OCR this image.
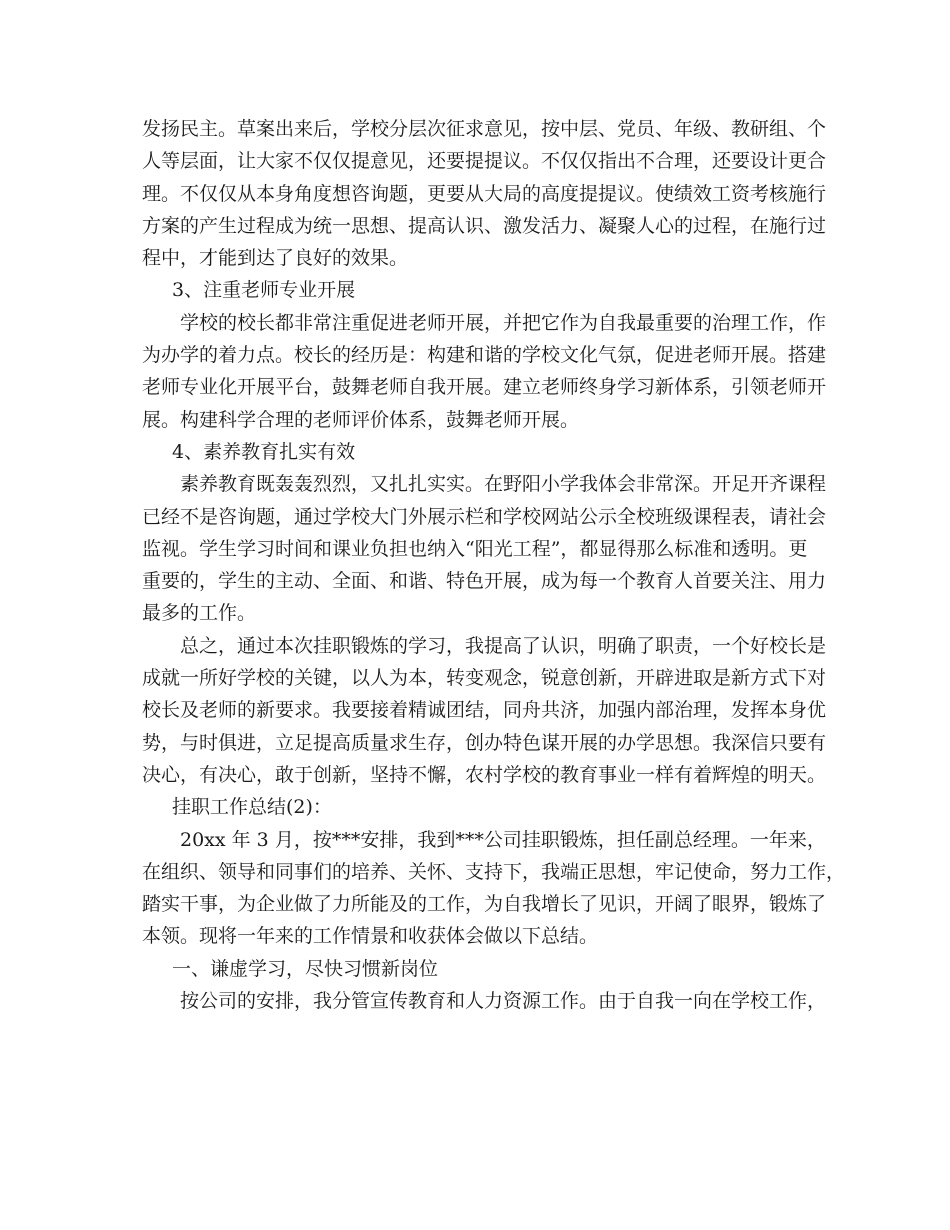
发扬民主。草案出来后，学校分层次征求意见，按中层、党员、年级、教研组、个
人等层面，让大家不仅仅提意见，还要提提议。不仅仅指出不合理，还要设计更合
理。不仅仅从本身角度想咨询题，更要从大局的高度提提议。使绩效工资考核施行
方案的产生过程成为统一思想、提高认识、激发活力、凝聚人心的过程，在施行过
程中，才能到达了良好的效果。
3、注重老师专业开展
学校的校长都非常注重促进老师开展，并把它作为自我最重要的治理工作，作
为办学的着力点。校长的经历是：构建和谐的学校文化气氛，促进老师开展。搭建
老师专业化开展平台，鼓舞老师自我开展。建立老师终身学习新体系，引领老师开
展。构建科学合理的老师评价体系，鼓舞老师开展。
4、素养教育扎实有效
素养教育既轰轰烈烈，又扎扎实实。在野阳小学我体会非常深。开足开齐课程
已经不是咨询题，通过学校大门外展示栏和学校网站公示全校班级课程表，请社会
监视。学生学习时间和课业负担也纳入“阳光工程”，都显得那么标准和透明。更
重要的，学生的主动、全面、和谐、特色开展，成为每一个教育人首要关注、用力
最多的工作。
总之，通过本次挂职锻炼的学习，我提高了认识，明确了职责，一个好校长是
成就一所好学校的关键，以人为本，转变观念，锐意创新，开辟进取是新方式下对
校长及老师的新要求。我要接着精诚团结，同舟共济，加强内部治理，发挥本身优
势，与时俱进，立足提高质量求生存，创办特色谋开展的办学思想。我深信只要有
决心，有决心，敢于创新，坚持不懈，农村学校的教育事业一样有着辉煌的明天。
挂职工作总结(2)：
20xx 年 3 月，按***安排，我到***公司挂职锻炼，担任副总经理。一年来，
在组织、领导和同事们的培养、关怀、支持下，我端正思想，牢记使命，努力工作，
踏实干事，为企业做了力所能及的工作，为自我增长了见识，开阔了眼界，锻炼了
本领。现将一年来的工作情景和收获体会做以下总结。
一、谦虚学习，尽快习惯新岗位
按公司的安排，我分管宣传教育和人力资源工作。由于自我一向在学校工作，
